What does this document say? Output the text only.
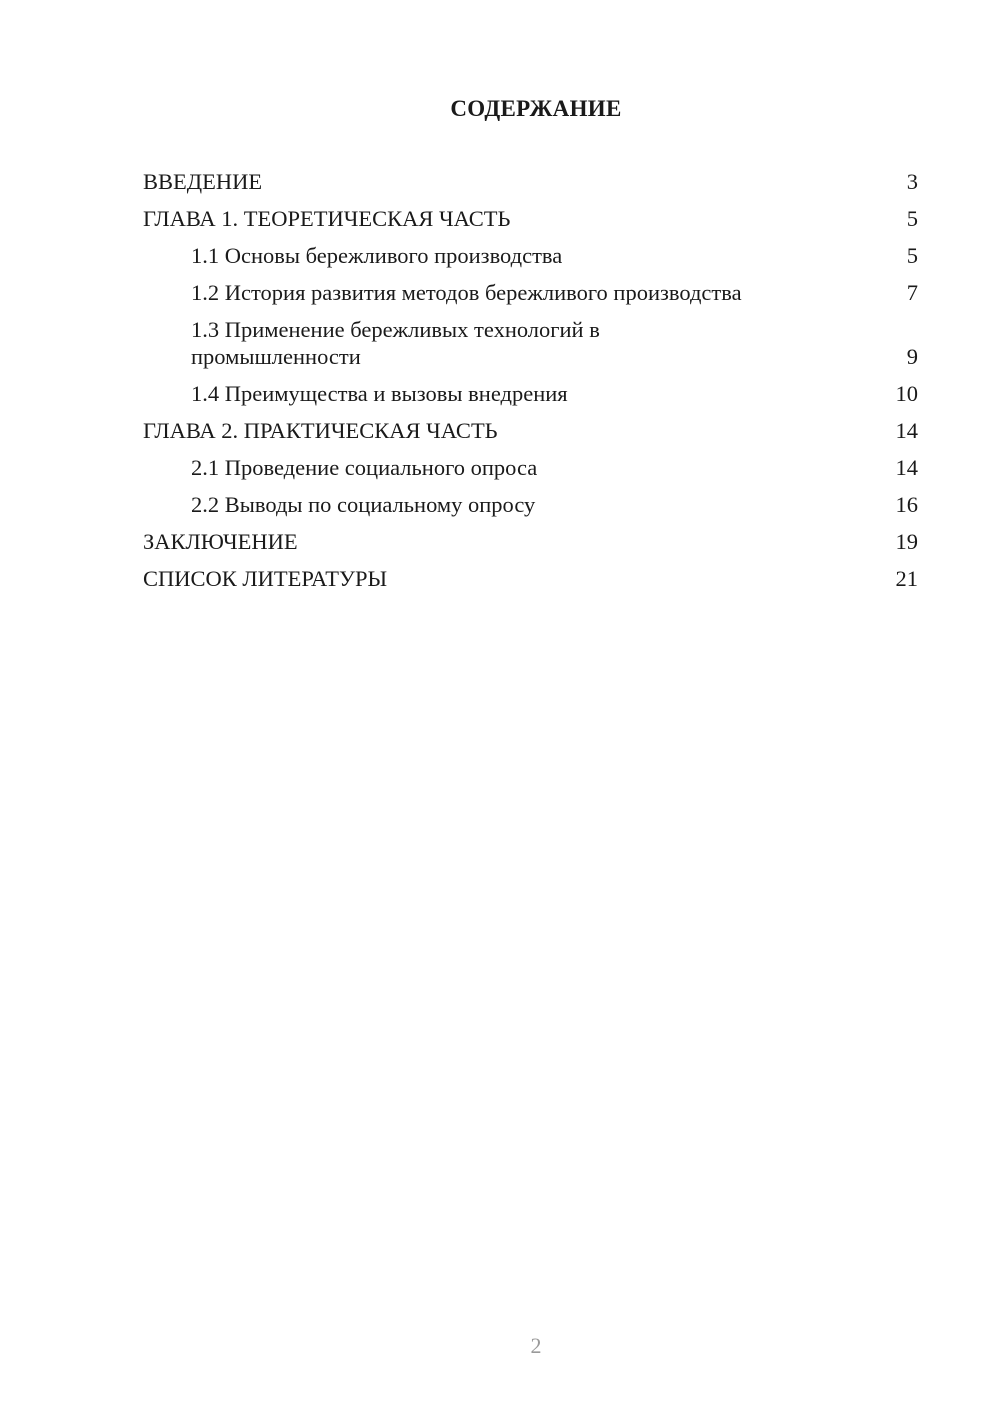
СОДЕРЖАНИЕ
ВВЕДЕНИЕ	3
ГЛАВА 1. ТЕОРЕТИЧЕСКАЯ ЧАСТЬ	5
1.1 Основы бережливого производства	5
1.2 История развития методов бережливого производства	7
1.3 Применение бережливых технологий в промышленности	9
1.4 Преимущества и вызовы внедрения	10
ГЛАВА 2. ПРАКТИЧЕСКАЯ ЧАСТЬ	14
2.1 Проведение социального опроса	14
2.2 Выводы по социальному опросу	16
ЗАКЛЮЧЕНИЕ	19
СПИСОК ЛИТЕРАТУРЫ	21
2
